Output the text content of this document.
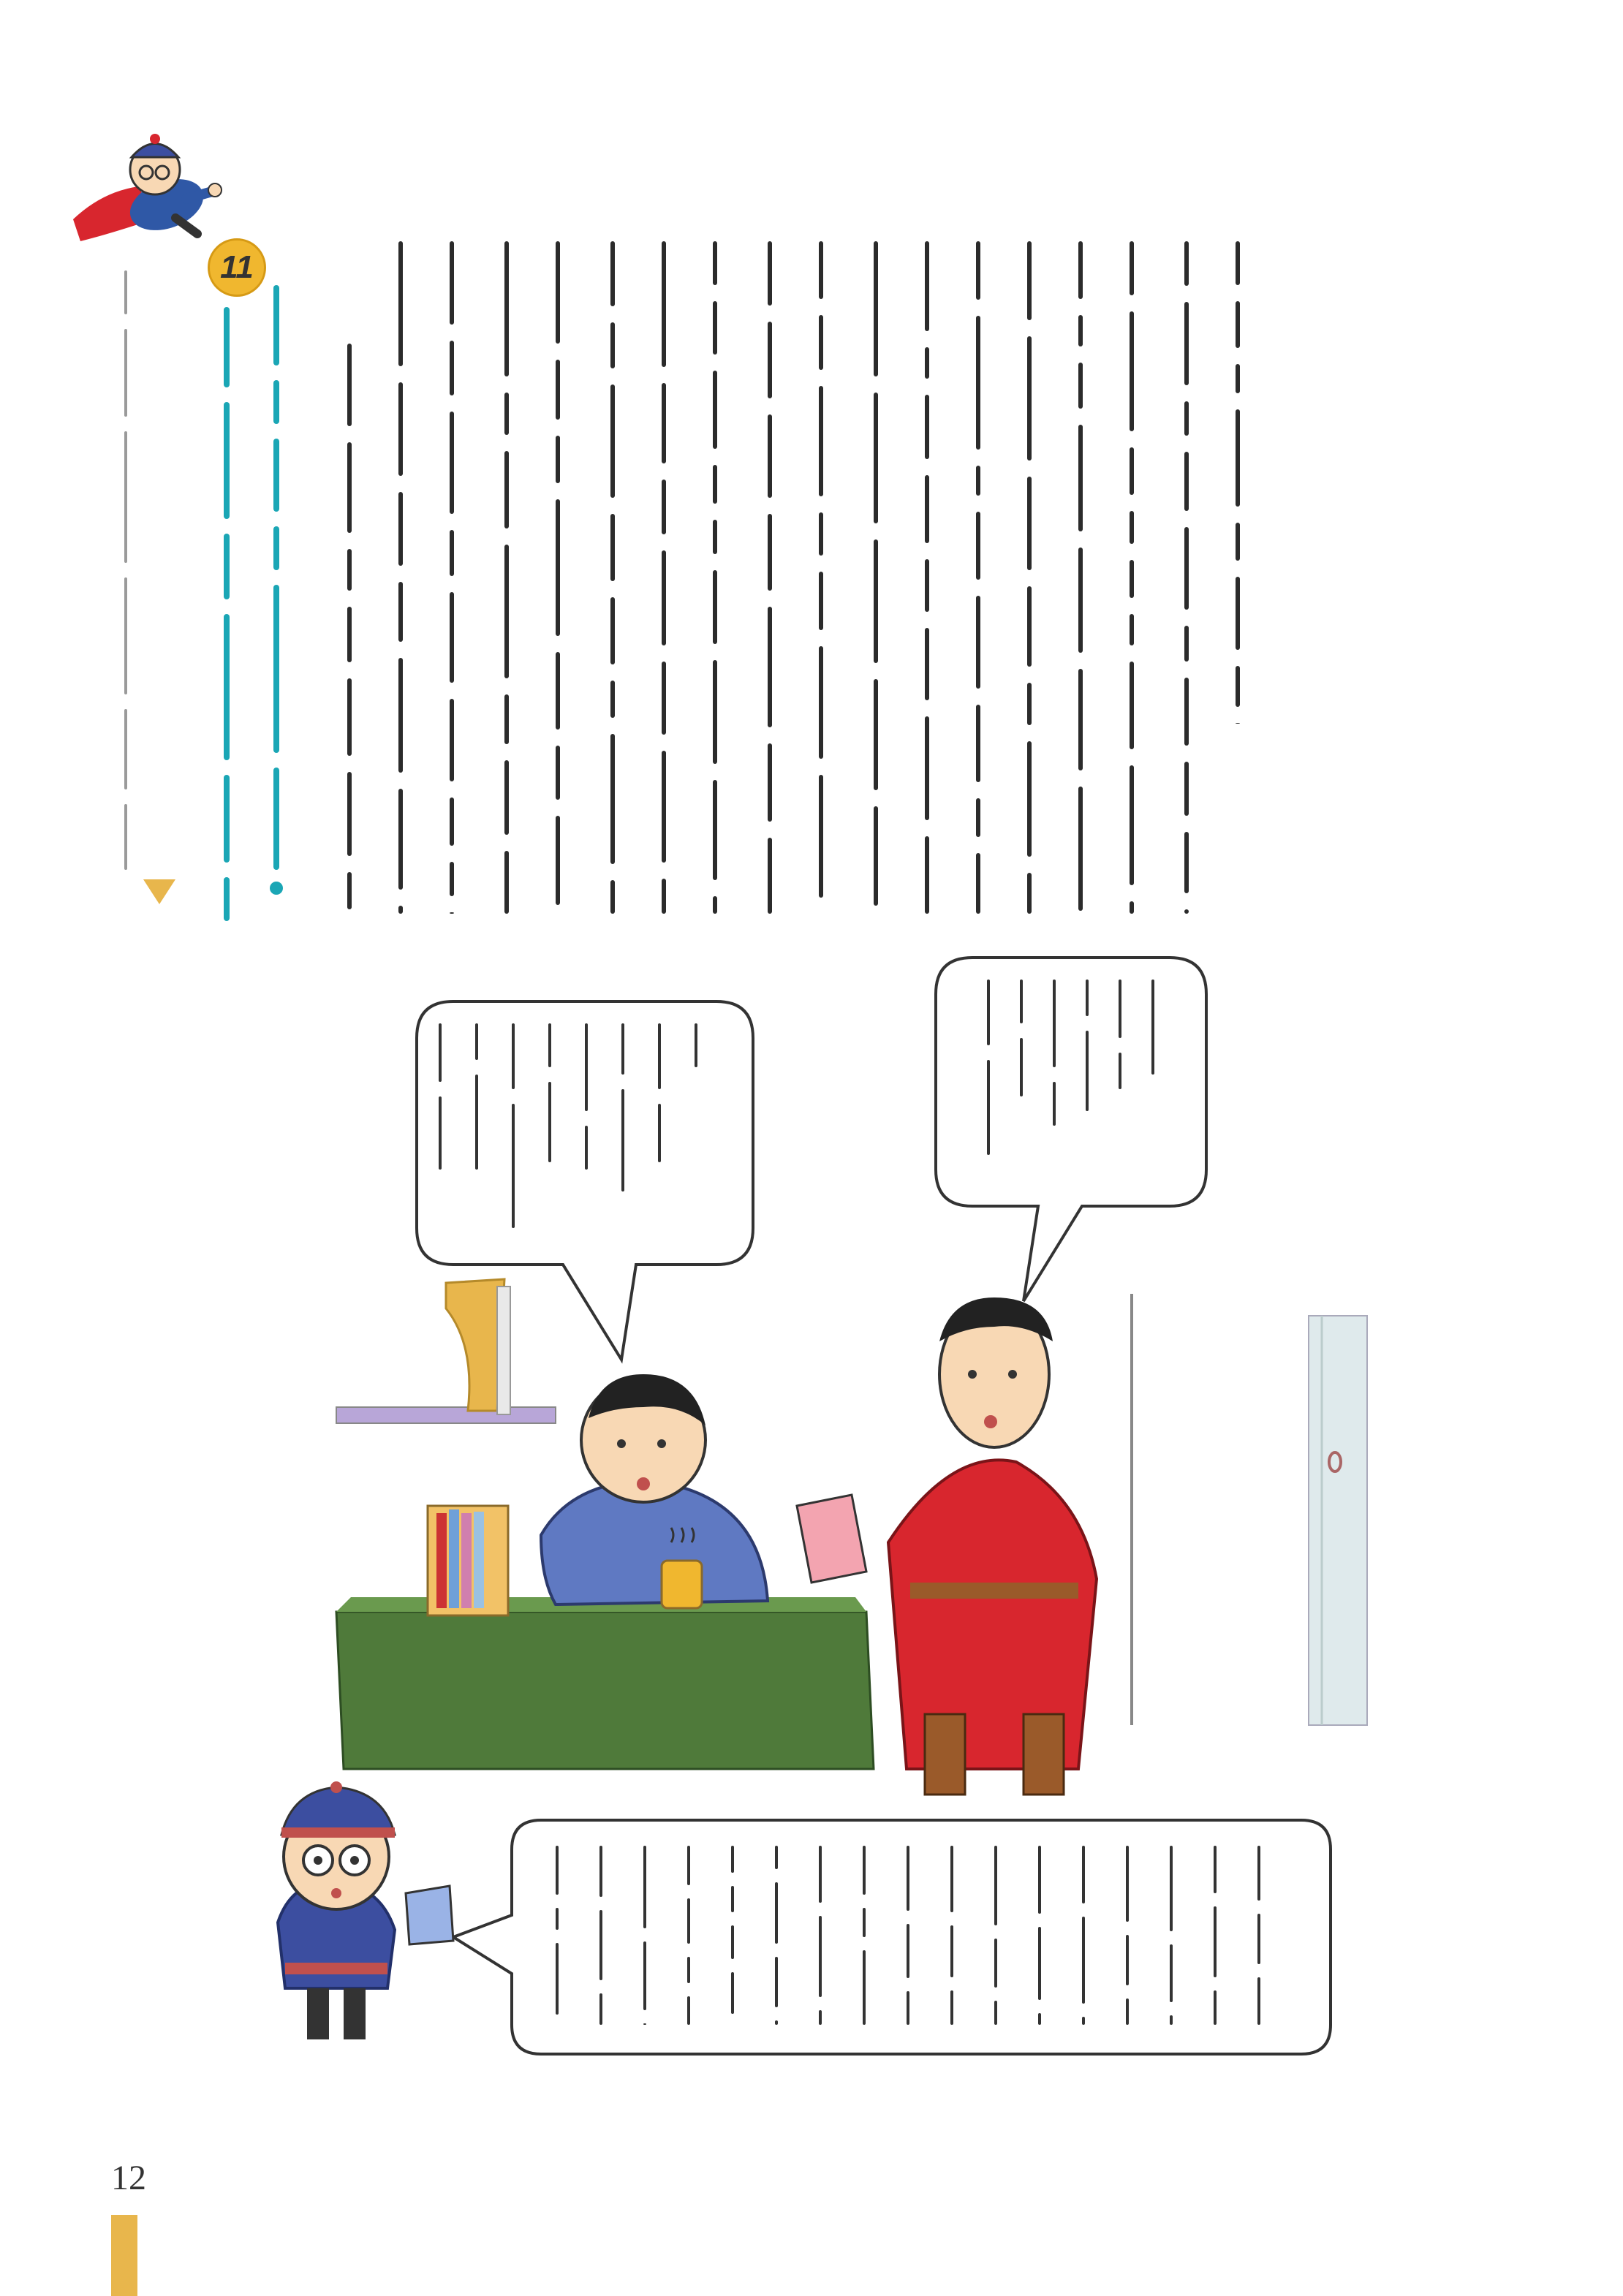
12
11
